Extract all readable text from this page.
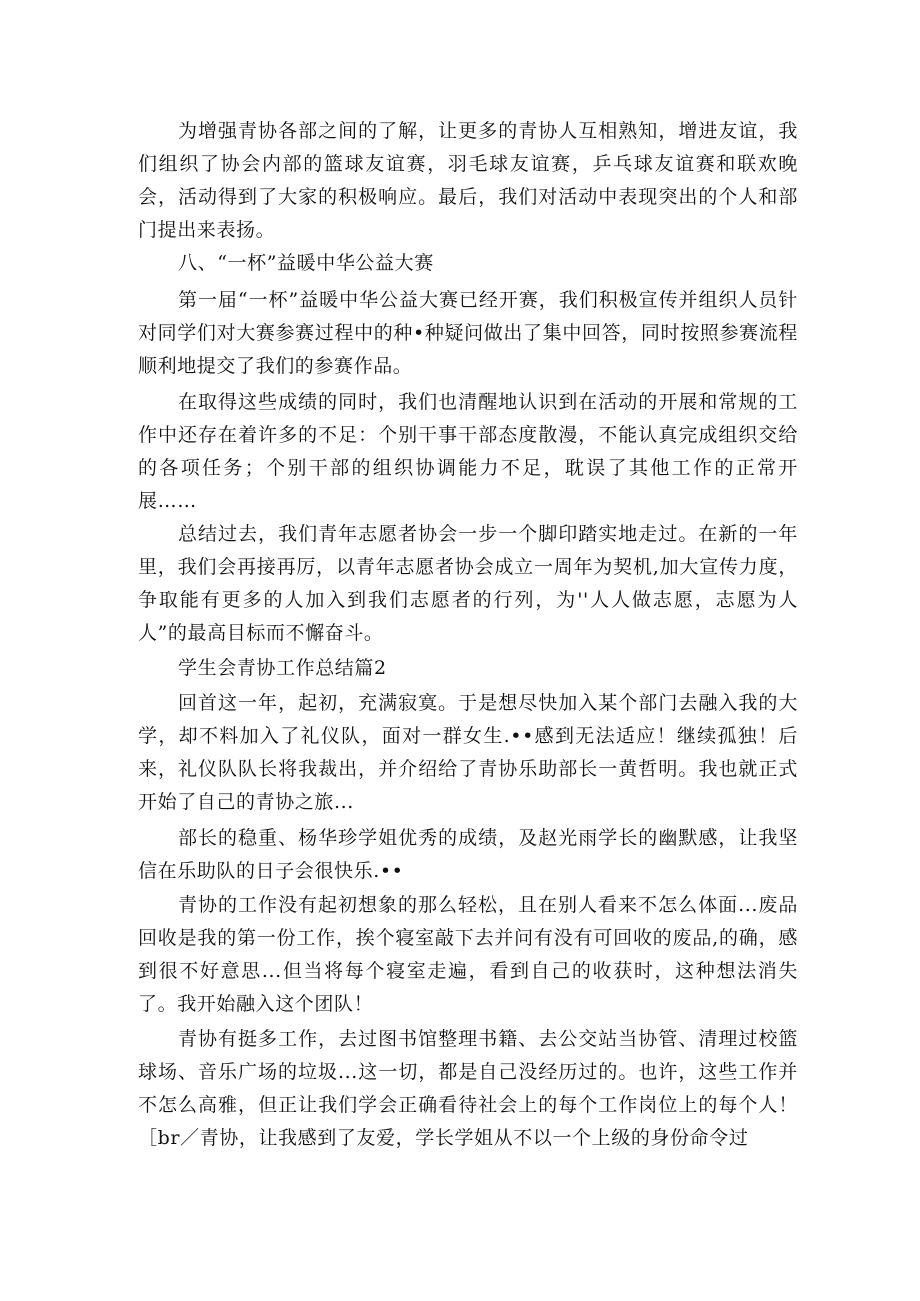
为增强青协各部之间的了解，让更多的青协人互相熟知，增进友谊，我们组织了协会内部的篮球友谊赛，羽毛球友谊赛，乒乓球友谊赛和联欢晚会，活动得到了大家的积极响应。最后，我们对活动中表现突出的个人和部门提出来表扬。

八、“一杯”益暖中华公益大赛

第一届“一杯”益暖中华公益大赛已经开赛，我们积极宣传并组织人员针对同学们对大赛参赛过程中的种•种疑问做出了集中回答，同时按照参赛流程顺利地提交了我们的参赛作品。

在取得这些成绩的同时，我们也清醒地认识到在活动的开展和常规的工作中还存在着许多的不足：个别干事干部态度散漫，不能认真完成组织交给的各项任务；个别干部的组织协调能力不足，耽误了其他工作的正常开展……

总结过去，我们青年志愿者协会一步一个脚印踏实地走过。在新的一年里，我们会再接再厉，以青年志愿者协会成立一周年为契机,加大宣传力度，争取能有更多的人加入到我们志愿者的行列，为''人人做志愿，志愿为人人”的最高目标而不懈奋斗。

学生会青协工作总结篇2

回首这一年，起初，充满寂寞。于是想尽快加入某个部门去融入我的大学，却不料加入了礼仪队，面对一群女生.••感到无法适应！继续孤独！后来，礼仪队队长将我裁出，并介绍给了青协乐助部长一黄哲明。我也就正式开始了自己的青协之旅...

部长的稳重、杨华珍学姐优秀的成绩，及赵光雨学长的幽默感，让我坚信在乐助队的日子会很快乐.••

青协的工作没有起初想象的那么轻松，且在别人看来不怎么体面...废品回收是我的第一份工作，挨个寝室敲下去并问有没有可回收的废品,的确，感到很不好意思...但当将每个寝室走遍，看到自己的收获时，这种想法消失了。我开始融入这个团队！

青协有挺多工作，去过图书馆整理书籍、去公交站当协管、清理过校篮球场、音乐广场的垃圾...这一切，都是自己没经历过的。也许，这些工作并不怎么高雅，但正让我们学会正确看待社会上的每个工作岗位上的每个人！［br／青协，让我感到了友爱，学长学姐从不以一个上级的身份命令过
